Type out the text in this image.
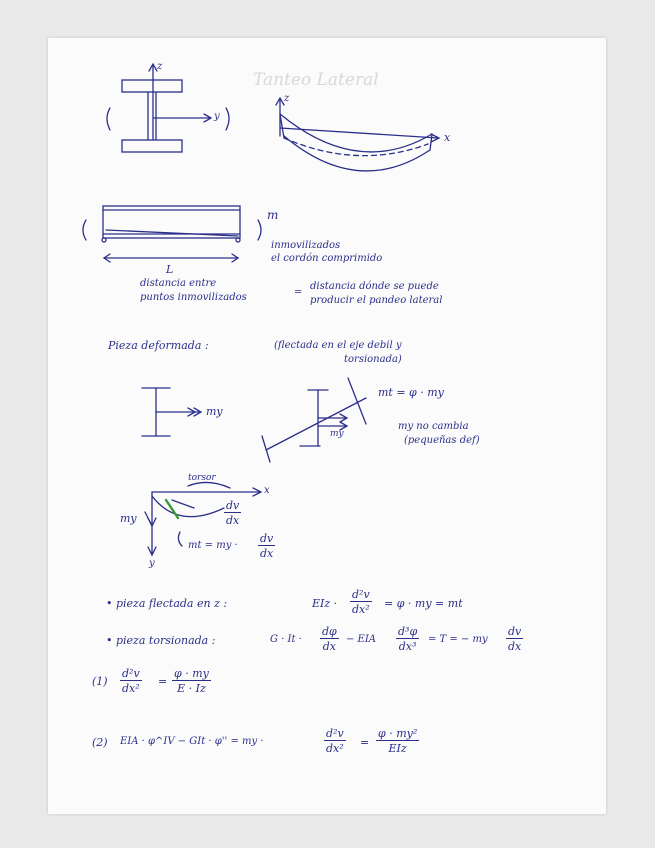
Tanteo Lateral
z
y
z
x
m
inmovilizados
el cordón comprimido
L
distancia entre
puntos inmovilizados	=
distancia dónde se puede
producir el pandeo lateral
Pieza deformada :	(flectada en el eje debil y
torsionada)
my
my
mt = φ · my
my no cambia
(pequeñas def)
x
y
my
torsor
$\frac{dv}{dx}$
mt = my · $\frac{dv}{dx}$
• pieza flectada en z :	EIz · $\frac{\text{d²v}}{\text{dx²}} = \varphi$ · my = mt
• pieza torsionada :	$G \cdot It \cdot \frac{d\varphi}{dx}$ − EIA $\frac{\text{d³φ}}{\text{dx³}} = T$ = − my $\frac{dv}{dx}$
$(1) \frac{\text{d²v}}{\text{dx²}} = \frac{\varphi \cdot my}{E \cdot Iz}$
(2) EIA · φ^IV − GIt · φ'' = my ·	$\frac{\text{d²v}}{\text{dx²}}$ =
φ · my²
EIz
